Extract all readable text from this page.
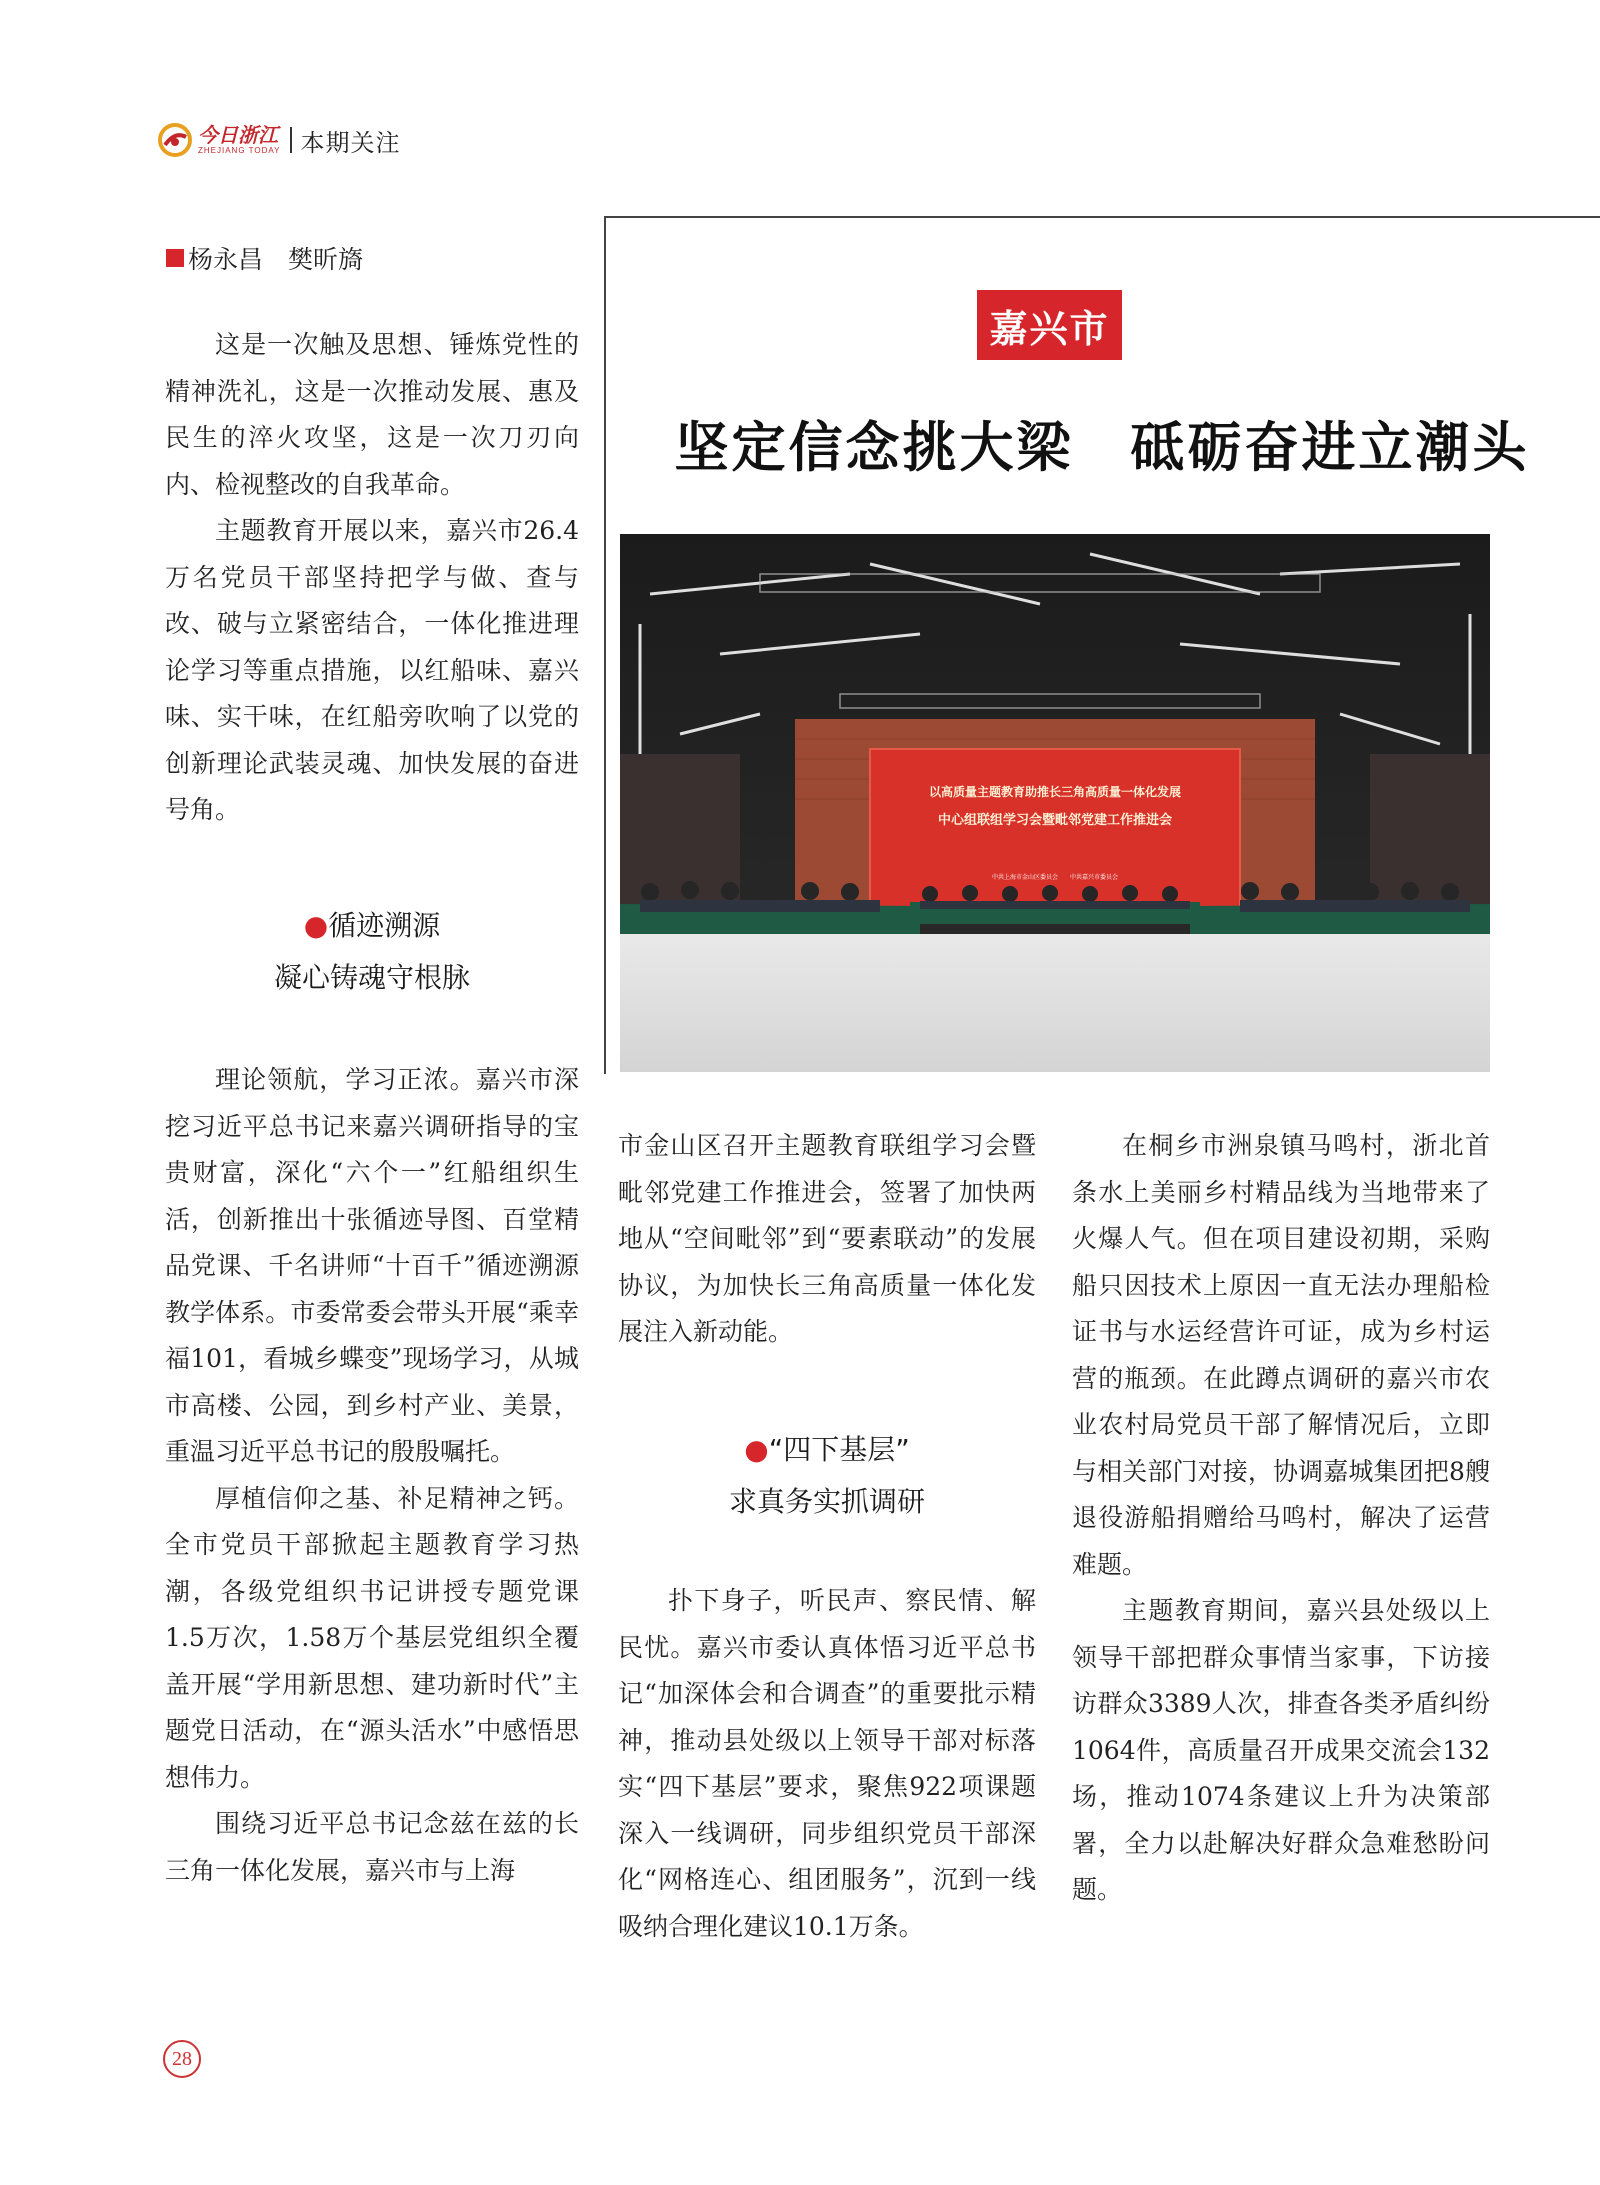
今日浙江
ZHEJIANG TODAY 本期关注
杨永昌　樊昕旖

这是一次触及思想、锤炼党性的精神洗礼，这是一次推动发展、惠及民生的淬火攻坚，这是一次刀刃向内、检视整改的自我革命。

主题教育开展以来，嘉兴市26.4万名党员干部坚持把学与做、查与改、破与立紧密结合，一体化推进理论学习等重点措施，以红船味、嘉兴味、实干味，在红船旁吹响了以党的创新理论武装灵魂、加快发展的奋进号角。

●循迹溯源
凝心铸魂守根脉

理论领航，学习正浓。嘉兴市深挖习近平总书记来嘉兴调研指导的宝贵财富，深化“六个一”红船组织生活，创新推出十张循迹导图、百堂精品党课、千名讲师“十百千”循迹溯源教学体系。市委常委会带头开展“乘幸福101，看城乡蝶变”现场学习，从城市高楼、公园，到乡村产业、美景，重温习近平总书记的殷殷嘱托。

厚植信仰之基、补足精神之钙。全市党员干部掀起主题教育学习热潮，各级党组织书记讲授专题党课1.5万次，1.58万个基层党组织全覆盖开展“学用新思想、建功新时代”主题党日活动，在“源头活水”中感悟思想伟力。

围绕习近平总书记念兹在兹的长三角一体化发展，嘉兴市与上海

嘉兴市
坚定信念挑大梁　砥砺奋进立潮头
以高质量主题教育助推长三角高质量一体化发展
中心组联组学习会暨毗邻党建工作推进会
中共上海市金山区委员会　　中共嘉兴市委员会

市金山区召开主题教育联组学习会暨毗邻党建工作推进会，签署了加快两地从“空间毗邻”到“要素联动”的发展协议，为加快长三角高质量一体化发展注入新动能。

●“四下基层”
求真务实抓调研

扑下身子，听民声、察民情、解民忧。嘉兴市委认真体悟习近平总书记“加深体会和合调查”的重要批示精神，推动县处级以上领导干部对标落实“四下基层”要求，聚焦922项课题深入一线调研，同步组织党员干部深化“网格连心、组团服务”，沉到一线吸纳合理化建议10.1万条。

在桐乡市洲泉镇马鸣村，浙北首条水上美丽乡村精品线为当地带来了火爆人气。但在项目建设初期，采购船只因技术上原因一直无法办理船检证书与水运经营许可证，成为乡村运营的瓶颈。在此蹲点调研的嘉兴市农业农村局党员干部了解情况后，立即与相关部门对接，协调嘉城集团把8艘退役游船捐赠给马鸣村，解决了运营难题。

主题教育期间，嘉兴县处级以上领导干部把群众事情当家事，下访接访群众3389人次，排查各类矛盾纠纷1064件，高质量召开成果交流会132场，推动1074条建议上升为决策部署，全力以赴解决好群众急难愁盼问题。

28
